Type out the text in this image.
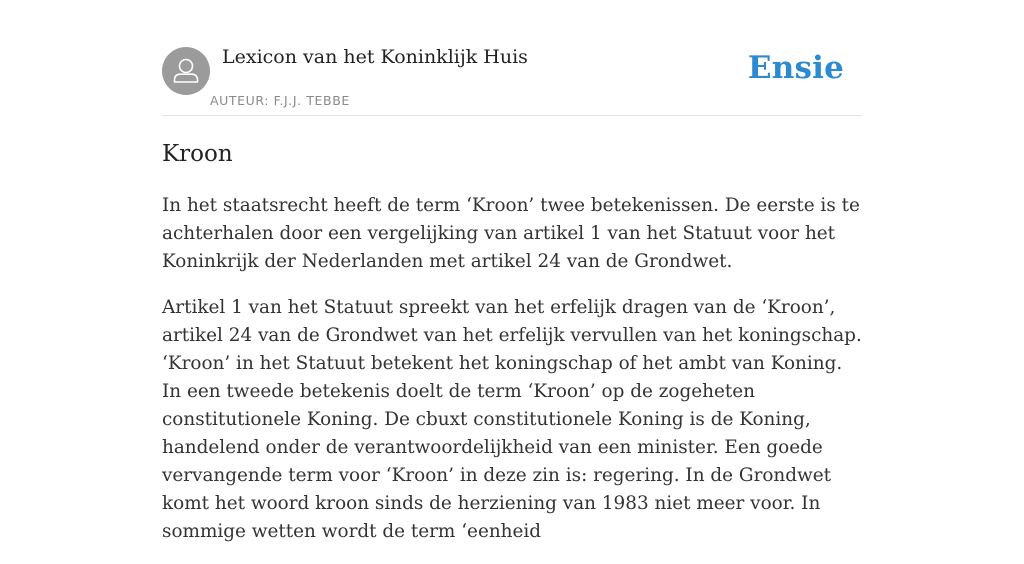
Lexicon van het Koninklijk Huis
AUTEUR: F.J.J. TEBBE
Ensie
Kroon

In het staatsrecht heeft de term ‘Kroon’ twee betekenissen. De eerste is te achterhalen door een vergelijking van artikel 1 van het Statuut voor het Koninkrijk der Nederlanden met artikel 24 van de Grondwet.

Artikel 1 van het Statuut spreekt van het erfelijk dragen van de ‘Kroon’, artikel 24 van de Grondwet van het erfelijk vervullen van het koningschap. ‘Kroon’ in het Statuut betekent het koningschap of het ambt van Koning. In een tweede betekenis doelt de term ‘Kroon’ op de zogeheten constitutionele Koning. De cbuxt constitutionele Koning is de Koning, handelend onder de verantwoordelijkheid van een minister. Een goede vervangende term voor ‘Kroon’ in deze zin is: regering. In de Grondwet komt het woord kroon sinds de herziening van 1983 niet meer voor. In sommige wetten wordt de term ‘eenheid
